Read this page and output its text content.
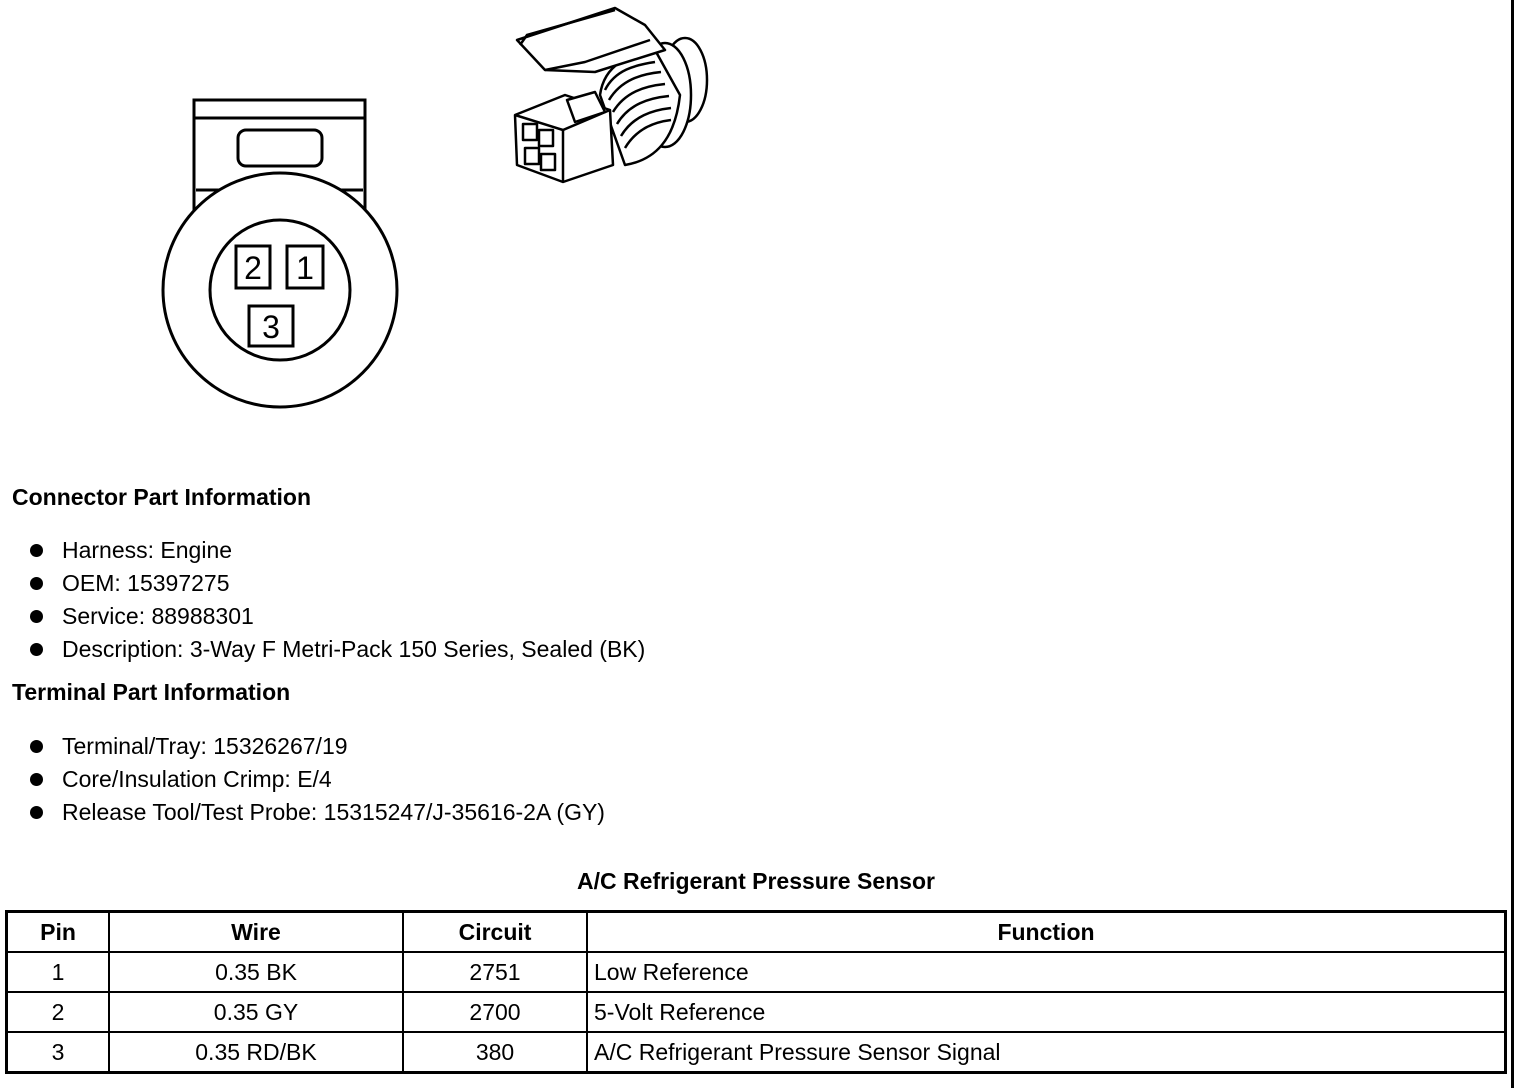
2 1
3
Connector Part Information
Harness: Engine
OEM: 15397275
Service: 88988301
Description: 3-Way F Metri-Pack 150 Series, Sealed (BK)
Terminal Part Information
Terminal/Tray: 15326267/19
Core/Insulation Crimp: E/4
Release Tool/Test Probe: 15315247/J-35616-2A (GY)
A/C Refrigerant Pressure Sensor
Pin	Wire	Circuit	Function
1	0.35 BK	2751	Low Reference
2	0.35 GY	2700	5-Volt Reference
3	0.35 RD/BK	380	A/C Refrigerant Pressure Sensor Signal
